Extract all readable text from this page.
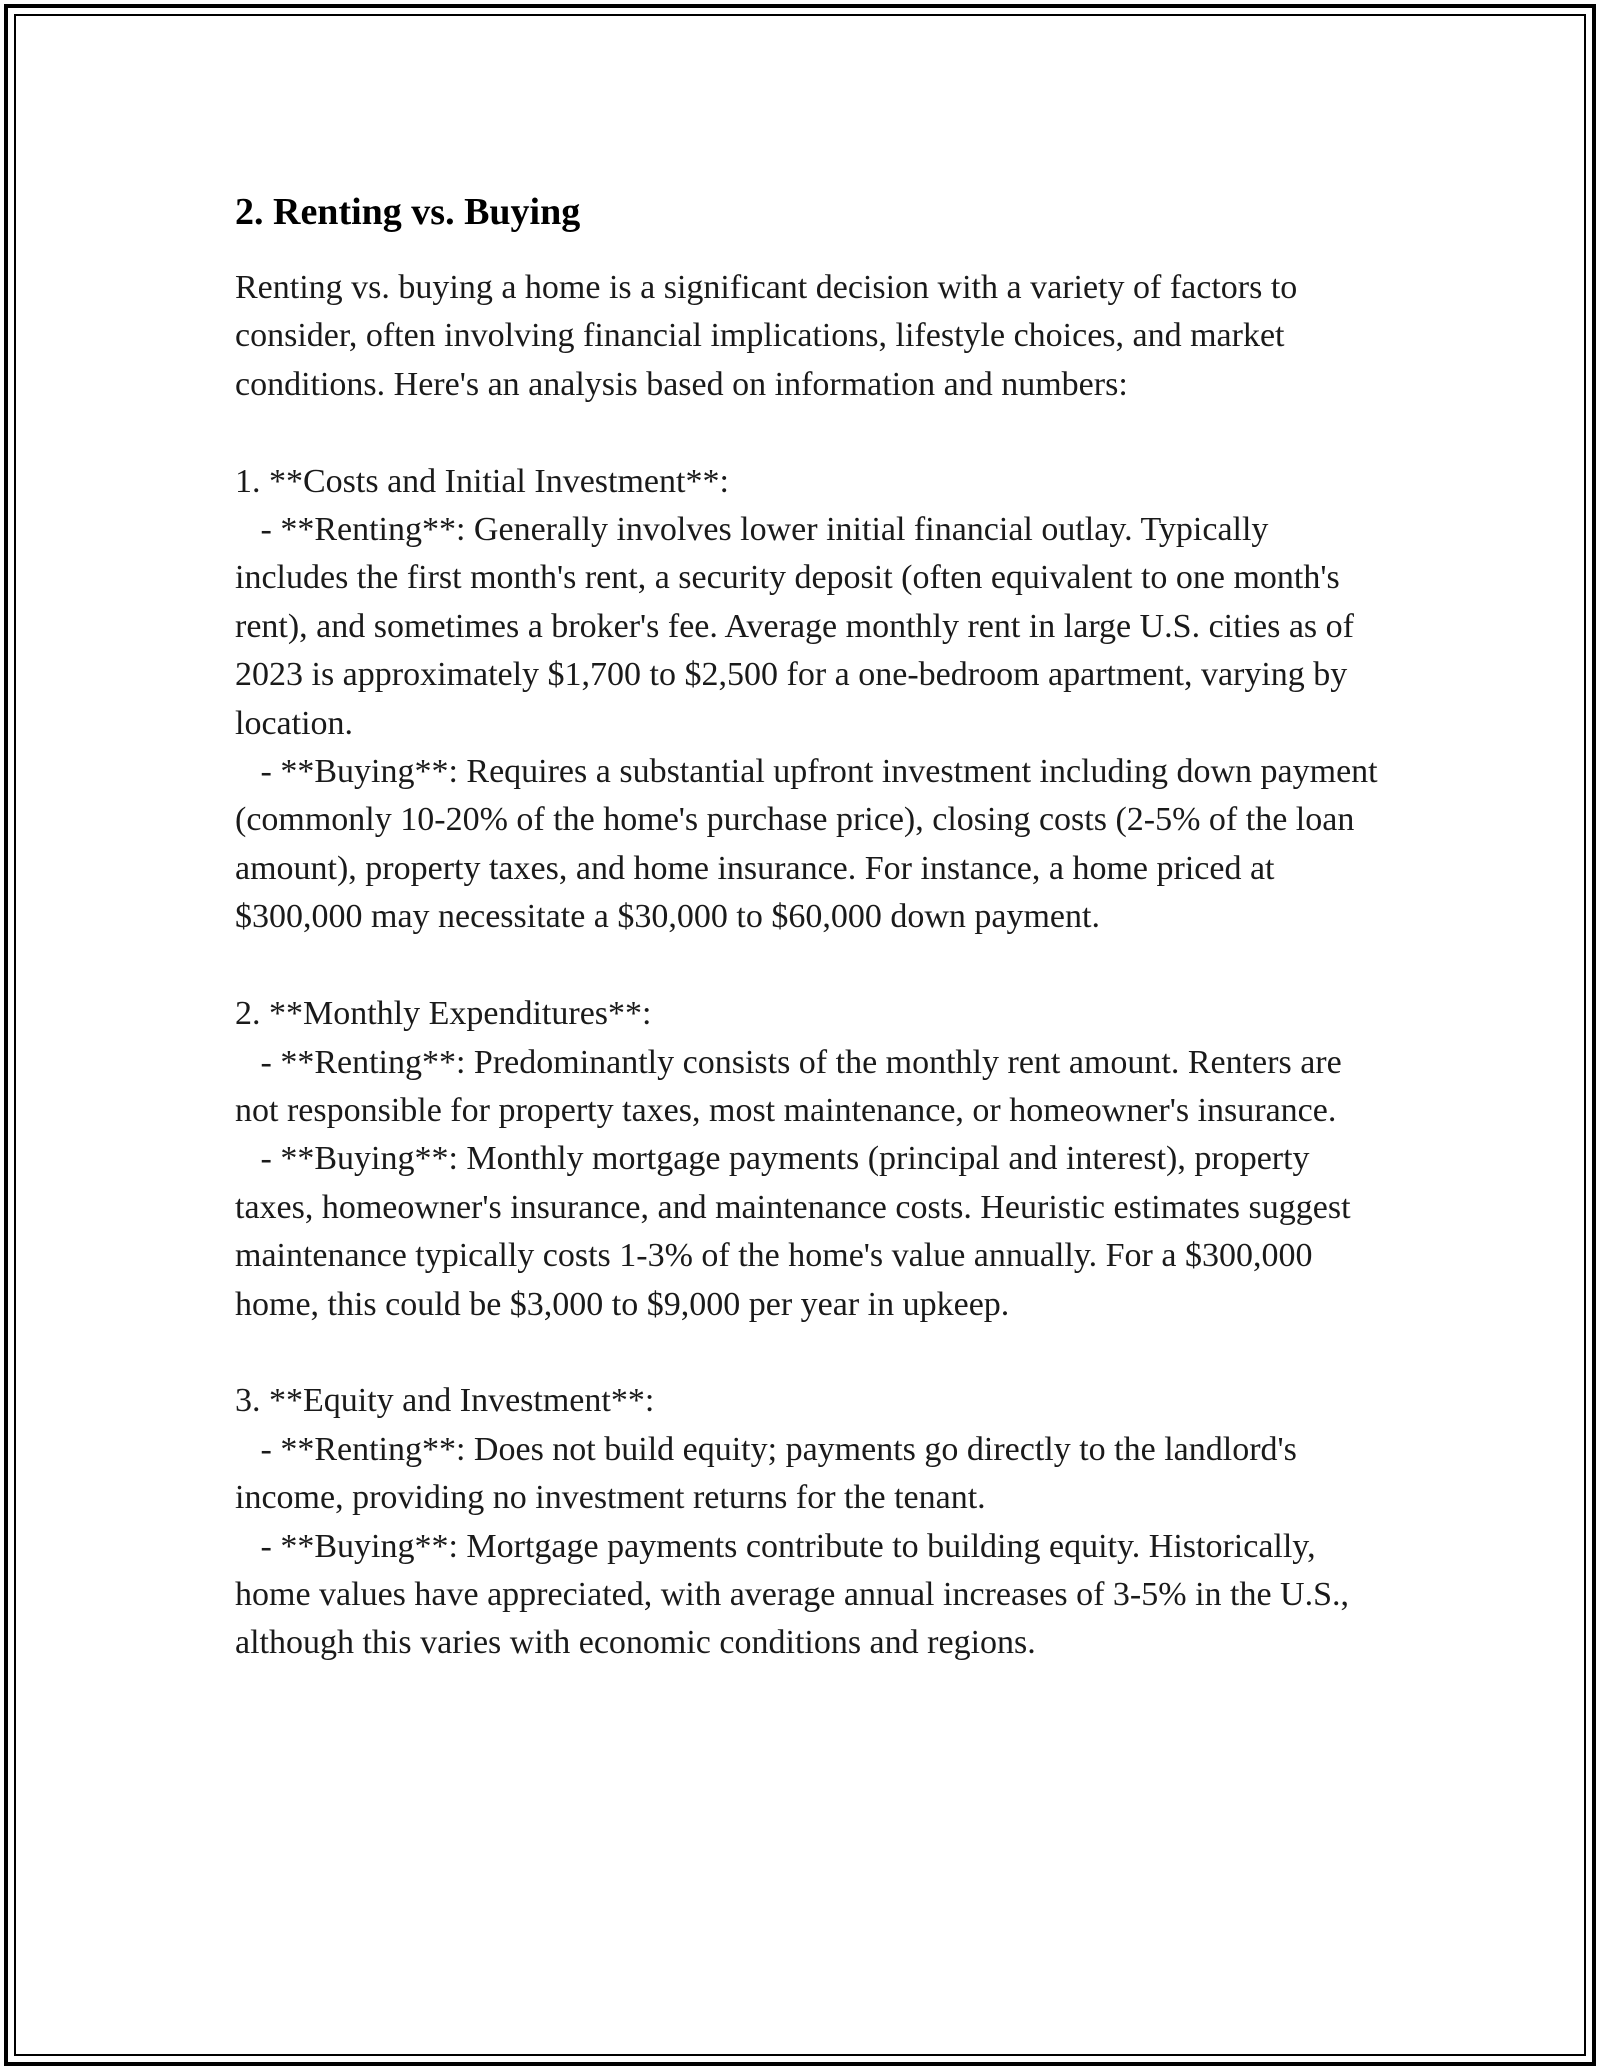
2. Renting vs. Buying

Renting vs. buying a home is a significant decision with a variety of factors to consider, often involving financial implications, lifestyle choices, and market conditions. Here's an analysis based on information and numbers:

1. **Costs and Initial Investment**:
- **Renting**: Generally involves lower initial financial outlay. Typically includes the first month's rent, a security deposit (often equivalent to one month's rent), and sometimes a broker's fee. Average monthly rent in large U.S. cities as of 2023 is approximately $1,700 to $2,500 for a one-bedroom apartment, varying by location.
- **Buying**: Requires a substantial upfront investment including down payment (commonly 10-20% of the home's purchase price), closing costs (2-5% of the loan amount), property taxes, and home insurance. For instance, a home priced at $300,000 may necessitate a $30,000 to $60,000 down payment.

2. **Monthly Expenditures**:
- **Renting**: Predominantly consists of the monthly rent amount. Renters are not responsible for property taxes, most maintenance, or homeowner's insurance.
- **Buying**: Monthly mortgage payments (principal and interest), property taxes, homeowner's insurance, and maintenance costs. Heuristic estimates suggest maintenance typically costs 1-3% of the home's value annually. For a $300,000 home, this could be $3,000 to $9,000 per year in upkeep.

3. **Equity and Investment**:
- **Renting**: Does not build equity; payments go directly to the landlord's income, providing no investment returns for the tenant.
- **Buying**: Mortgage payments contribute to building equity. Historically, home values have appreciated, with average annual increases of 3-5% in the U.S., although this varies with economic conditions and regions.
